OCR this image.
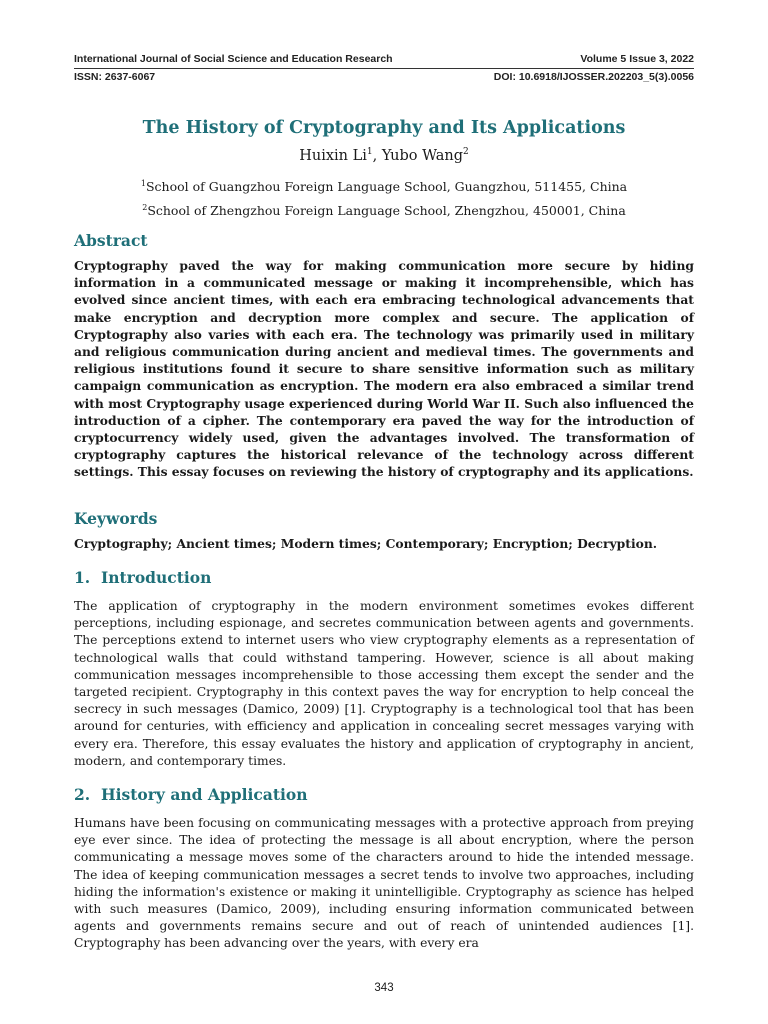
International Journal of Social Science and Education Research	Volume 5 Issue 3, 2022
ISSN: 2637-6067	DOI: 10.6918/IJOSSER.202203_5(3).0056
The History of Cryptography and Its Applications
Huixin Li$^1$, Yubo Wang$^2$
$^1$School of Guangzhou Foreign Language School, Guangzhou, 511455, China
$^2$School of Zhengzhou Foreign Language School, Zhengzhou, 450001, China
Abstract

Cryptography paved the way for making communication more secure by hiding information in a communicated message or making it incomprehensible, which has evolved since ancient times, with each era embracing technological advancements that make encryption and decryption more complex and secure. The application of Cryptography also varies with each era. The technology was primarily used in military and religious communication during ancient and medieval times. The governments and religious institutions found it secure to share sensitive information such as military campaign communication as encryption. The modern era also embraced a similar trend with most Cryptography usage experienced during World War II. Such also influenced the introduction of a cipher. The contemporary era paved the way for the introduction of cryptocurrency widely used, given the advantages involved. The transformation of cryptography captures the historical relevance of the technology across different settings. This essay focuses on reviewing the history of cryptography and its applications.

Keywords

Cryptography; Ancient times; Modern times; Contemporary; Encryption; Decryption.

1. Introduction

The application of cryptography in the modern environment sometimes evokes different perceptions, including espionage, and secretes communication between agents and governments. The perceptions extend to internet users who view cryptography elements as a representation of technological walls that could withstand tampering. However, science is all about making communication messages incomprehensible to those accessing them except the sender and the targeted recipient. Cryptography in this context paves the way for encryption to help conceal the secrecy in such messages (Damico, 2009) [1]. Cryptography is a technological tool that has been around for centuries, with efficiency and application in concealing secret messages varying with every era. Therefore, this essay evaluates the history and application of cryptography in ancient, modern, and contemporary times.

2. History and Application

Humans have been focusing on communicating messages with a protective approach from preying eye ever since. The idea of protecting the message is all about encryption, where the person communicating a message moves some of the characters around to hide the intended message. The idea of keeping communication messages a secret tends to involve two approaches, including hiding the information's existence or making it unintelligible. Cryptography as science has helped with such measures (Damico, 2009), including ensuring information communicated between agents and governments remains secure and out of reach of unintended audiences [1]. Cryptography has been advancing over the years, with every era

343
